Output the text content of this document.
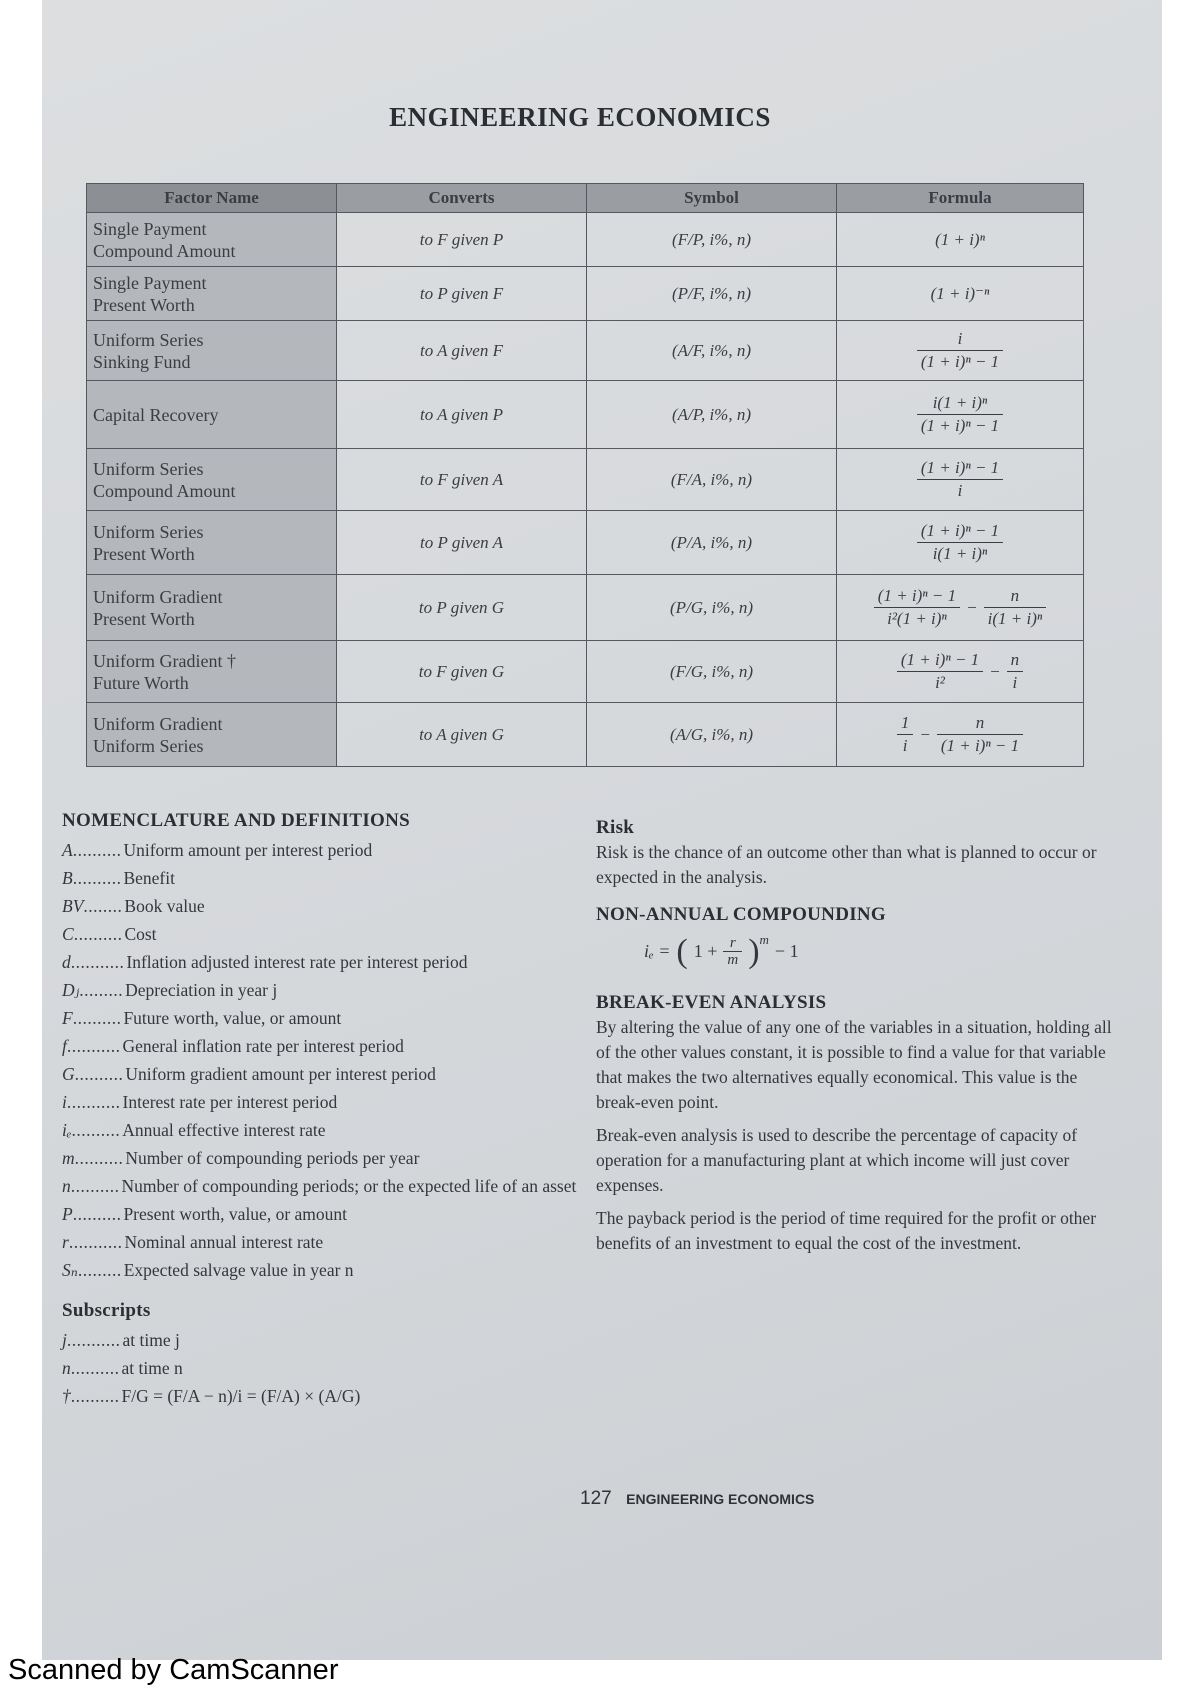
ENGINEERING ECONOMICS
Factor Name	Converts	Symbol	Formula
Single Payment
Compound Amount	to F given P	(F/P, i%, n)	(1 + i)ⁿ
Single Payment
Present Worth	to P given F	(P/F, i%, n)	(1 + i)⁻ⁿ
Uniform Series
Sinking Fund	to A given F	(A/F, i%, n)	$\frac{i}{\text{(1 + i)ⁿ − 1}}$

Capital Recovery	to A given P	(A/P, i%, n)	$\frac{\text{i(1 + i)ⁿ}}{\text{(1 + i)ⁿ − 1}}$

Uniform Series
Compound Amount	to F given A	(F/A, i%, n)	$\frac{\text{(1 + i)ⁿ − 1}}{i}$

Uniform Series
Present Worth	to P given A	(P/A, i%, n)	$\frac{\text{(1 + i)ⁿ − 1}}{\text{i(1 + i)ⁿ}}$

Uniform Gradient
Present Worth	to P given G	(P/G, i%, n)	$\frac{\text{(1 + i)ⁿ − 1}}{\text{i²(1 + i)ⁿ}} - \frac{n}{\text{i(1 + i)ⁿ}}$

Uniform Gradient †
Future Worth	to F given G	(F/G, i%, n)	$\frac{\text{(1 + i)ⁿ − 1}}{\text{i²}} - \frac{n}{i}$

Uniform Gradient
Uniform Series	to A given G	(A/G, i%, n)	$\frac{1}{i} - \frac{n}{\text{(1 + i)ⁿ − 1}}$
NOMENCLATURE AND DEFINITIONS
A .......... Uniform amount per interest period
B .......... Benefit
BV ........ Book value
C .......... Cost
d ........... Inflation adjusted interest rate per interest period
Dⱼ ......... Depreciation in year j
F .......... Future worth, value, or amount
f ........... General inflation rate per interest period
G .......... Uniform gradient amount per interest period
i ........... Interest rate per interest period
iₑ .......... Annual effective interest rate
m .......... Number of compounding periods per year
n .......... Number of compounding periods; or the expected life of an asset
P .......... Present worth, value, or amount
r ........... Nominal annual interest rate
Sₙ ......... Expected salvage value in year n
Subscripts
j ........... at time j
n .......... at time n
† .......... F/G = (F/A − n)/i = (F/A) × (A/G)
Risk

Risk is the chance of an outcome other than what is planned to occur or expected in the analysis.

NON-ANNUAL COMPOUNDING
iₑ = ( $1 + \frac{r}{m} )^m$
− 1
BREAK-EVEN ANALYSIS

By altering the value of any one of the variables in a situation, holding all of the other values constant, it is possible to find a value for that variable that makes the two alternatives equally economical. This value is the break-even point.

Break-even analysis is used to describe the percentage of capacity of operation for a manufacturing plant at which income will just cover expenses.

The payback period is the period of time required for the profit or other benefits of an investment to equal the cost of the investment.

127 ENGINEERING ECONOMICS
Scanned by CamScanner
